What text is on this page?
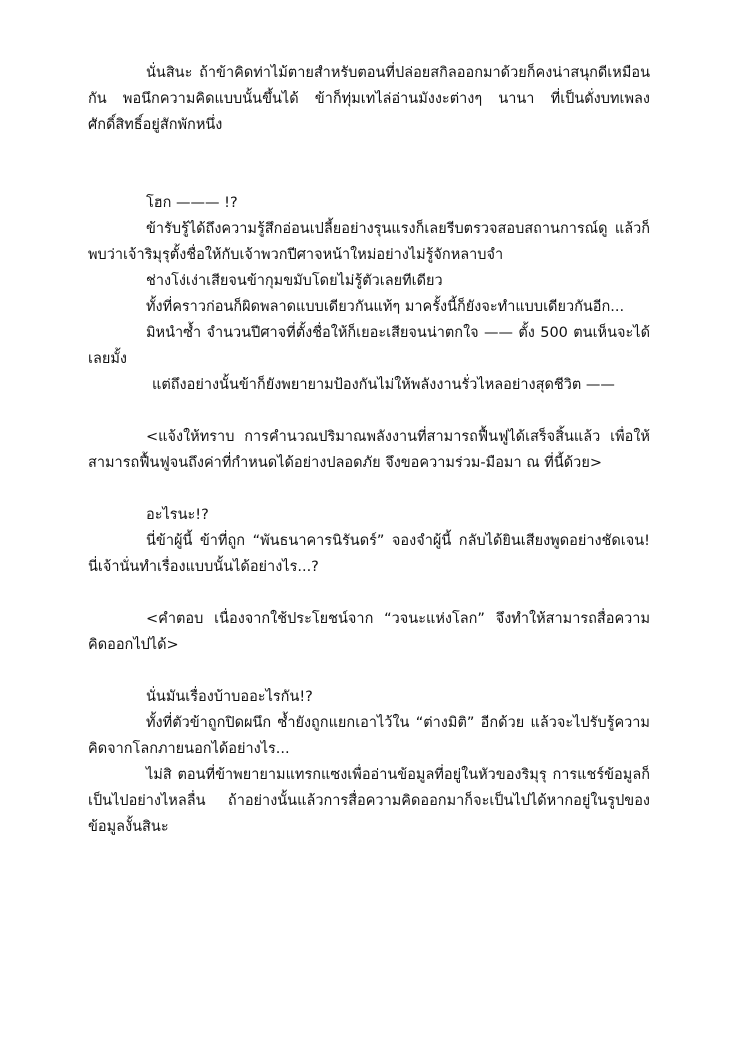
นั่นสินะ ถ้าข้าคิดท่าไม้ตายสำหรับตอนที่ปล่อยสกิลออกมาด้วยก็คงน่าสนุกดีเหมือนกัน พอนึกความคิดแบบนั้นขึ้นได้ ข้าก็ทุ่มเทไล่อ่านมังงะต่างๆ นานา ที่เป็นดั่งบทเพลงศักดิ์สิทธิ์อยู่สักพักหนึ่ง

โฮก ——— !?

ข้ารับรู้ได้ถึงความรู้สึกอ่อนเปลี้ยอย่างรุนแรงก็เลยรีบตรวจสอบสถานการณ์ดู แล้วก็พบว่าเจ้าริมุรุตั้งชื่อให้กับเจ้าพวกปีศาจหน้าใหม่อย่างไม่รู้จักหลาบจำ

ช่างโง่เง่าเสียจนข้ากุมขมับโดยไม่รู้ตัวเลยทีเดียว

ทั้งที่คราวก่อนก็ผิดพลาดแบบเดียวกันแท้ๆ มาครั้งนี้ก็ยังจะทำแบบเดียวกันอีก...

มิหนำซ้ำ จำนวนปีศาจที่ตั้งชื่อให้ก็เยอะเสียจนน่าตกใจ —— ตั้ง 500 ตนเห็นจะได้เลยมั้ง

แต่ถึงอย่างนั้นข้าก็ยังพยายามป้องกันไม่ให้พลังงานรั่วไหลอย่างสุดชีวิต ——

<แจ้งให้ทราบ การคำนวณปริมาณพลังงานที่สามารถฟื้นฟูได้เสร็จสิ้นแล้ว เพื่อให้สามารถฟื้นฟูจนถึงค่าที่กำหนดได้อย่างปลอดภัย จึงขอความร่วม-มือมา ณ ที่นี้ด้วย>

อะไรนะ!?

นี่ข้าผู้นี้ ข้าที่ถูก “พันธนาคารนิรันดร์” จองจำผู้นี้ กลับได้ยินเสียงพูดอย่างชัดเจน! นี่เจ้านั่นทำเรื่องแบบนั้นได้อย่างไร...?

<คำตอบ เนื่องจากใช้ประโยชน์จาก “วจนะแห่งโลก” จึงทำให้สามารถสื่อความคิดออกไปได้>

นั่นมันเรื่องบ้าบออะไรกัน!?

ทั้งที่ตัวข้าถูกปิดผนึก ซ้ำยังถูกแยกเอาไว้ใน “ต่างมิติ” อีกด้วย แล้วจะไปรับรู้ความคิดจากโลกภายนอกได้อย่างไร...

ไม่สิ ตอนที่ข้าพยายามแทรกแซงเพื่ออ่านข้อมูลที่อยู่ในหัวของริมุรุ การแชร์ข้อมูลก็เป็นไปอย่างไหลลื่น ถ้าอย่างนั้นแล้วการสื่อความคิดออกมาก็จะเป็นไปได้หากอยู่ในรูปของข้อมูลงั้นสินะ
